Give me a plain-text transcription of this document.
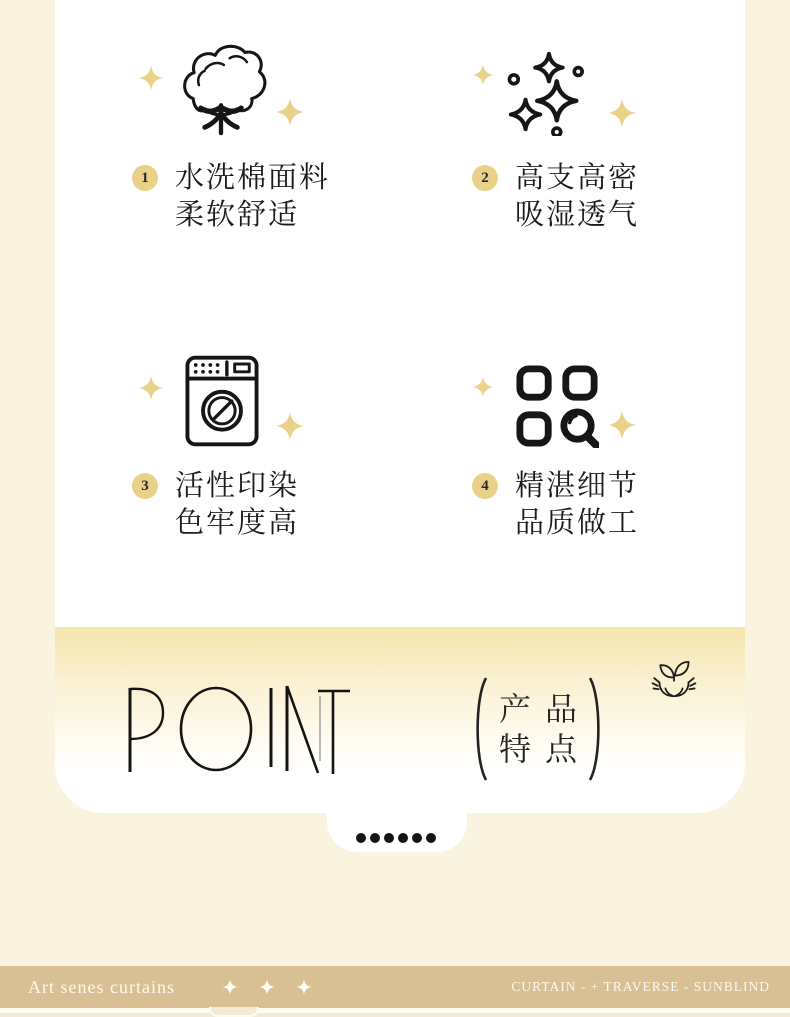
1 水洗棉面料
柔软舒适
2 高支高密
吸湿透气
3 活性印染
色牢度高
4 精湛细节
品质做工
产 品
特 点
Art senes curtains	CURTAIN - + TRAVERSE - SUNBLIND
